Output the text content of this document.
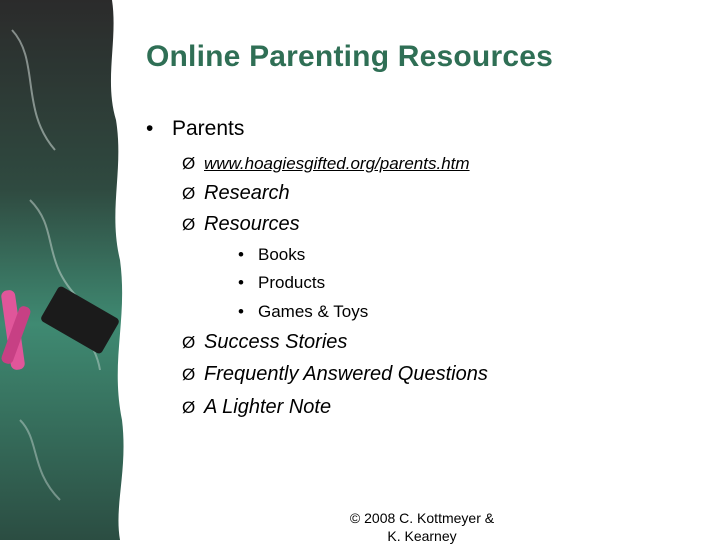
Online Parenting Resources
• Parents
Ø www.hoagiesgifted.org/parents.htm
Ø Research
Ø Resources
• Books
• Products
• Games & Toys
Ø Success Stories
Ø Frequently Answered Questions
Ø A Lighter Note
© 2008 C. Kottmeyer &
K. Kearney
